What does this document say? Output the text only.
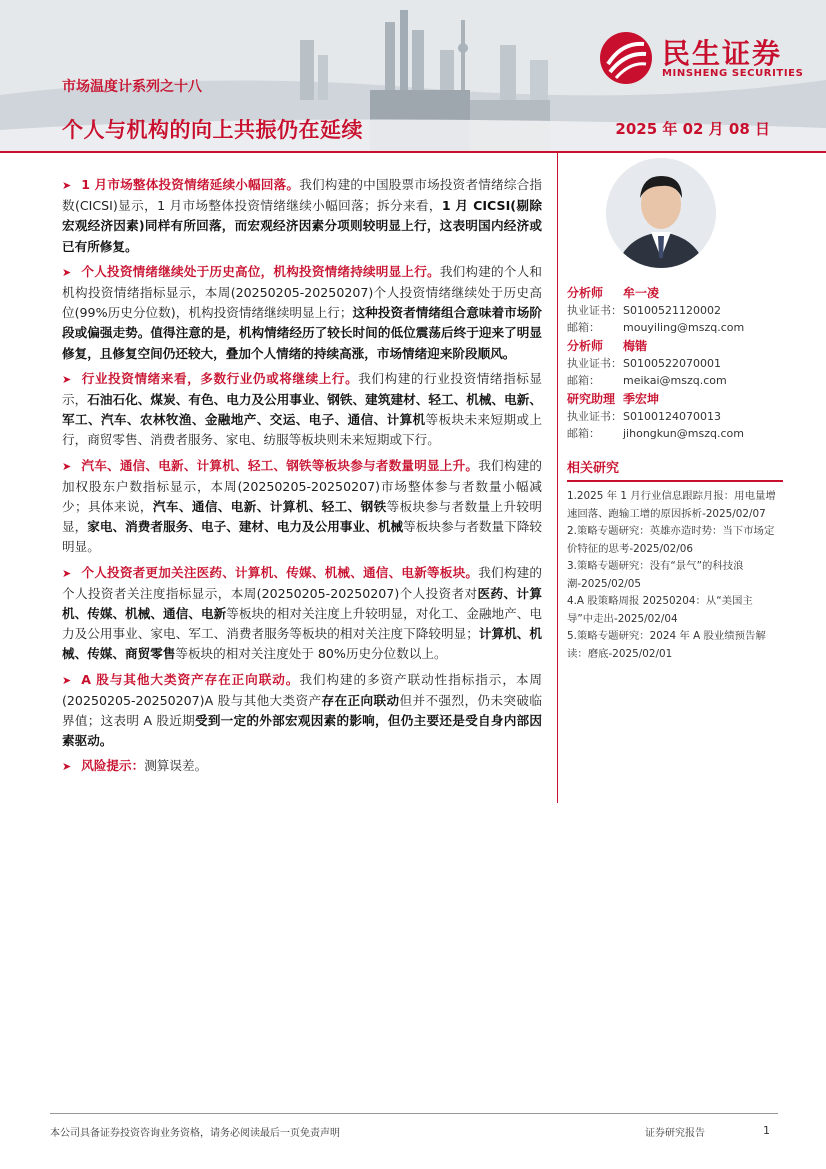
市场温度计系列之十八
个人与机构的向上共振仍在延续	2025 年 02 月 08 日
民生证券
MINSHENG SECURITIES
➤ 1 月市场整体投资情绪延续小幅回落。我们构建的中国股票市场投资者情绪综合指数(CICSI)显示，1 月市场整体投资情绪继续小幅回落；拆分来看，1 月 CICSI(剔除宏观经济因素)同样有所回落，而宏观经济因素分项则较明显上行，这表明国内经济或已有所修复。
➤ 个人投资情绪继续处于历史高位，机构投资情绪持续明显上行。我们构建的个人和机构投资情绪指标显示，本周(20250205-20250207)个人投资情绪继续处于历史高位(99%历史分位数)，机构投资情绪继续明显上行；这种投资者情绪组合意味着市场阶段或偏强走势。值得注意的是，机构情绪经历了较长时间的低位震荡后终于迎来了明显修复，且修复空间仍还较大，叠加个人情绪的持续高涨，市场情绪迎来阶段顺风。
➤ 行业投资情绪来看，多数行业仍或将继续上行。我们构建的行业投资情绪指标显示，石油石化、煤炭、有色、电力及公用事业、钢铁、建筑建材、轻工、机械、电新、军工、汽车、农林牧渔、金融地产、交运、电子、通信、计算机等板块未来短期或上行，商贸零售、消费者服务、家电、纺服等板块则未来短期或下行。
➤ 汽车、通信、电新、计算机、轻工、钢铁等板块参与者数量明显上升。我们构建的加权股东户数指标显示，本周(20250205-20250207)市场整体参与者数量小幅减少；具体来说，汽车、通信、电新、计算机、轻工、钢铁等板块参与者数量上升较明显，家电、消费者服务、电子、建材、电力及公用事业、机械等板块参与者数量下降较明显。
➤ 个人投资者更加关注医药、计算机、传媒、机械、通信、电新等板块。我们构建的个人投资者关注度指标显示，本周(20250205-20250207)个人投资者对医药、计算机、传媒、机械、通信、电新等板块的相对关注度上升较明显，对化工、金融地产、电力及公用事业、家电、军工、消费者服务等板块的相对关注度下降较明显；计算机、机械、传媒、商贸零售等板块的相对关注度处于 80%历史分位数以上。
➤ A 股与其他大类资产存在正向联动。我们构建的多资产联动性指标指示，本周(20250205-20250207)A 股与其他大类资产存在正向联动但并不强烈，仍未突破临界值；这表明 A 股近期受到一定的外部宏观因素的影响，但仍主要还是受自身内部因素驱动。
➤ 风险提示：测算误差。
分析师 牟一凌
执业证书：S0100521120002
邮箱： mouyiling@mszq.com
分析师 梅锴
执业证书：S0100522070001
邮箱： meikai@mszq.com
研究助理 季宏坤
执业证书：S0100124070013
邮箱： jihongkun@mszq.com
相关研究
1.2025 年 1 月行业信息跟踪月报：用电量增速回落、跑输工增的原因拆析-2025/02/07
2.策略专题研究：英雄亦造时势：当下市场定价特征的思考-2025/02/06
3.策略专题研究：没有“景气”的科技浪潮-2025/02/05
4.A 股策略周报 20250204：从“美国主导”中走出-2025/02/04
5.策略专题研究：2024 年 A 股业绩预告解读：磨底-2025/02/01
本公司具备证券投资咨询业务资格，请务必阅读最后一页免责声明	证券研究报告	1
